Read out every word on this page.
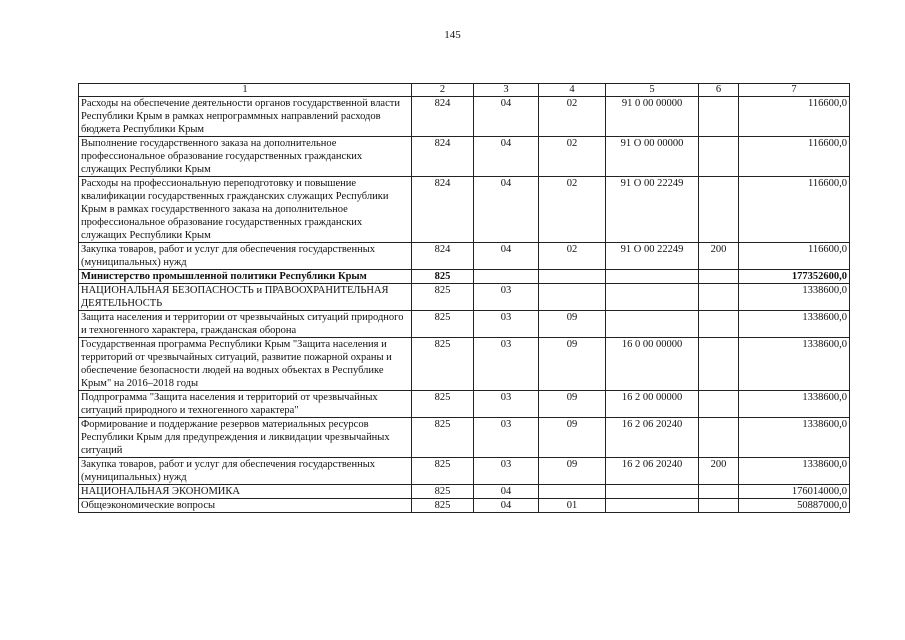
145
1	2	3	4	5	6	7
Расходы на обеспечение деятельности органов государственной власти Республики Крым в рамках непрограммных направлений расходов бюджета Республики Крым	824	04	02	91 0 00 00000		116600,0
Выполнение государственного заказа на дополнительное профессиональное образование государственных гражданских служащих Республики Крым	824	04	02	91 О 00 00000		116600,0
Расходы на профессиональную переподготовку и повышение квалификации государственных гражданских служащих Республики Крым в рамках государственного заказа на дополнительное профессиональное образование государственных гражданских служащих Республики Крым	824	04	02	91 О 00 22249		116600,0
Закупка товаров, работ и услуг для обеспечения государственных (муниципальных) нужд	824	04	02	91 О 00 22249	200	116600,0
Министерство промышленной политики Республики Крым	825					177352600,0
НАЦИОНАЛЬНАЯ БЕЗОПАСНОСТЬ и ПРАВООХРАНИТЕЛЬНАЯ ДЕЯТЕЛЬНОСТЬ	825	03				1338600,0
Защита населения и территории от чрезвычайных ситуаций природного и техногенного характера, гражданская оборона	825	03	09			1338600,0
Государственная программа Республики Крым "Защита населения и территорий от чрезвычайных ситуаций, развитие пожарной охраны и обеспечение безопасности людей на водных объектах в Республике Крым" на 2016–2018 годы	825	03	09	16 0 00 00000		1338600,0
Подпрограмма "Защита населения и территорий от чрезвычайных ситуаций природного и техногенного характера"	825	03	09	16 2 00 00000		1338600,0
Формирование и поддержание резервов материальных ресурсов Республики Крым для предупреждения и ликвидации чрезвычайных ситуаций	825	03	09	16 2 06 20240		1338600,0
Закупка товаров, работ и услуг для обеспечения государственных (муниципальных) нужд	825	03	09	16 2 06 20240	200	1338600,0
НАЦИОНАЛЬНАЯ ЭКОНОМИКА	825	04				176014000,0
Общеэкономические вопросы	825	04	01			50887000,0
